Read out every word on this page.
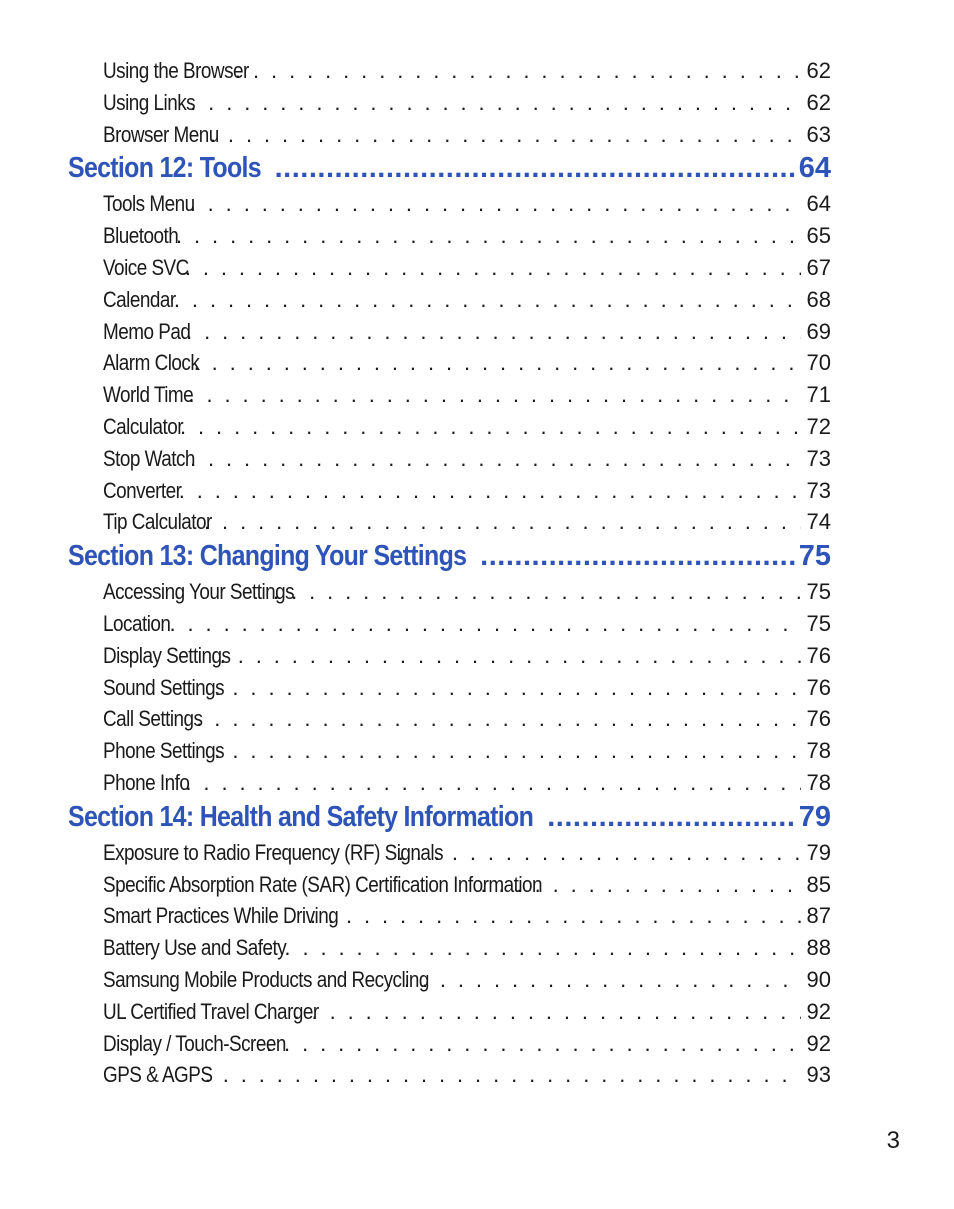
Using the Browser . . .	62
Using Links . . .	62
Browser Menu . . .	63
Section 12: Tools .....	64
Tools Menu . . .	64
Bluetooth . . .	65
Voice SVC . . .	67
Calendar . . .	68
Memo Pad . . .	69
Alarm Clock . . .	70
World Time . . .	71
Calculator . . .	72
Stop Watch . . .	73
Converter . . .	73
Tip Calculator . . .	74
Section 13: Changing Your Settings .....	75
Accessing Your Settings . . .	75
Location . . .	75
Display Settings . . .	76
Sound Settings . . .	76
Call Settings . . .	76
Phone Settings . . .	78
Phone Info . . .	78
Section 14: Health and Safety Information .....	79
Exposure to Radio Frequency (RF) Signals . . .	79
Specific Absorption Rate (SAR) Certification Information . . .	85
Smart Practices While Driving . . .	87
Battery Use and Safety . . .	88
Samsung Mobile Products and Recycling . . .	90
UL Certified Travel Charger . . .	92
Display / Touch-Screen . . .	92
GPS & AGPS . . .	93
3
